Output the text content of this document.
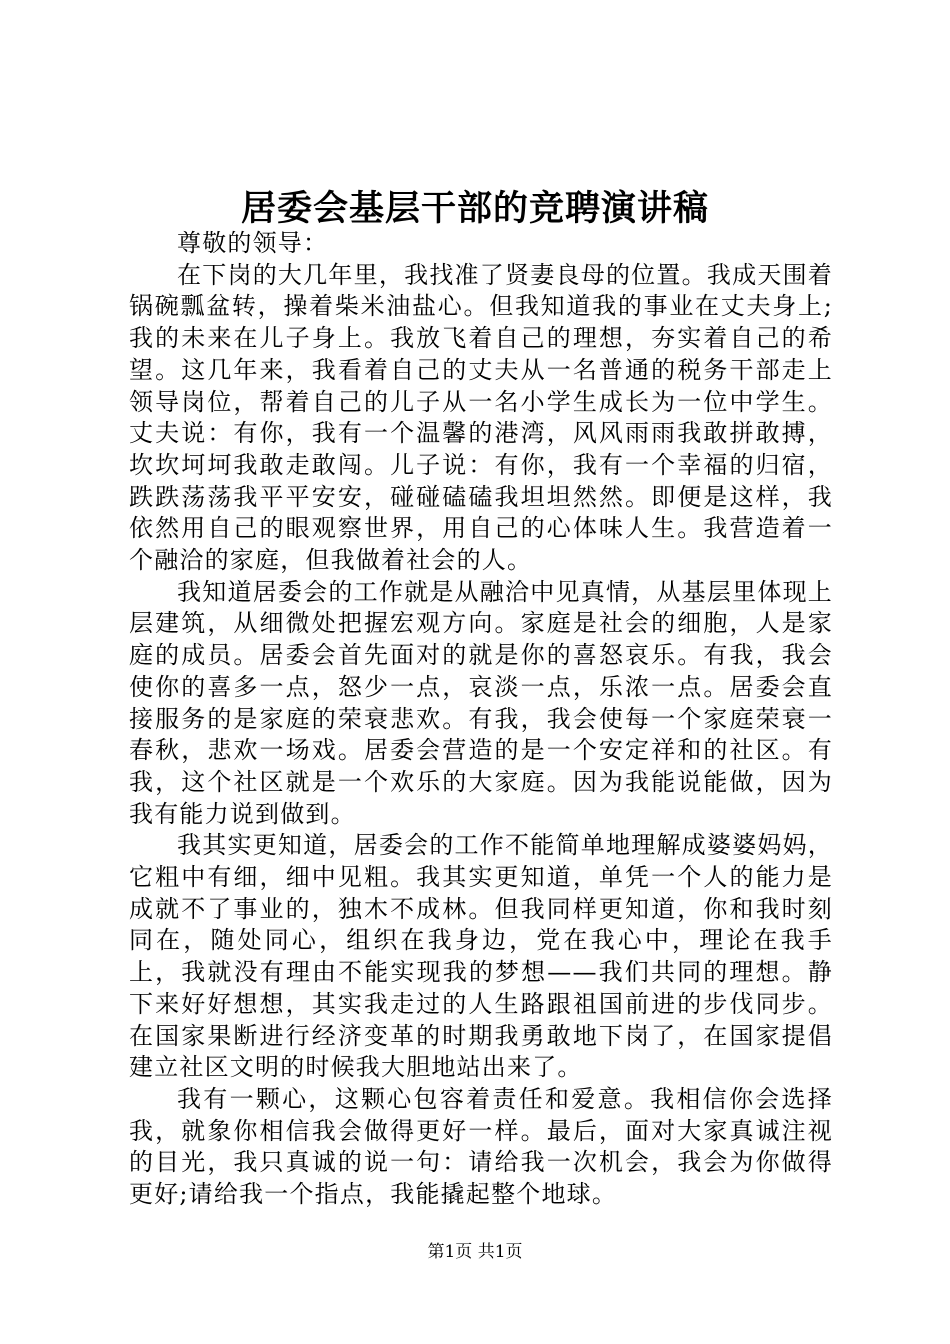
居委会基层干部的竞聘演讲稿

尊敬的领导：

在下岗的大几年里，我找准了贤妻良母的位置。我成天围着锅碗瓢盆转，操着柴米油盐心。但我知道我的事业在丈夫身上;我的未来在儿子身上。我放飞着自己的理想，夯实着自己的希望。这几年来，我看着自己的丈夫从一名普通的税务干部走上领导岗位，帮着自己的儿子从一名小学生成长为一位中学生。丈夫说：有你，我有一个温馨的港湾，风风雨雨我敢拼敢搏，坎坎坷坷我敢走敢闯。儿子说：有你，我有一个幸福的归宿，跌跌荡荡我平平安安，碰碰磕磕我坦坦然然。即便是这样，我依然用自己的眼观察世界，用自己的心体味人生。我营造着一个融洽的家庭，但我做着社会的人。

我知道居委会的工作就是从融洽中见真情，从基层里体现上层建筑，从细微处把握宏观方向。家庭是社会的细胞，人是家庭的成员。居委会首先面对的就是你的喜怒哀乐。有我，我会使你的喜多一点，怒少一点，哀淡一点，乐浓一点。居委会直接服务的是家庭的荣衰悲欢。有我，我会使每一个家庭荣衰一春秋，悲欢一场戏。居委会营造的是一个安定祥和的社区。有我，这个社区就是一个欢乐的大家庭。因为我能说能做，因为我有能力说到做到。

我其实更知道，居委会的工作不能简单地理解成婆婆妈妈，它粗中有细，细中见粗。我其实更知道，单凭一个人的能力是成就不了事业的，独木不成林。但我同样更知道，你和我时刻同在，随处同心，组织在我身边，党在我心中，理论在我手上，我就没有理由不能实现我的梦想——我们共同的理想。静下来好好想想，其实我走过的人生路跟祖国前进的步伐同步。在国家果断进行经济变革的时期我勇敢地下岗了，在国家提倡建立社区文明的时候我大胆地站出来了。

我有一颗心，这颗心包容着责任和爱意。我相信你会选择我，就象你相信我会做得更好一样。最后，面对大家真诚注视的目光，我只真诚的说一句：请给我一次机会，我会为你做得更好;请给我一个指点，我能撬起整个地球。

第1页 共1页
